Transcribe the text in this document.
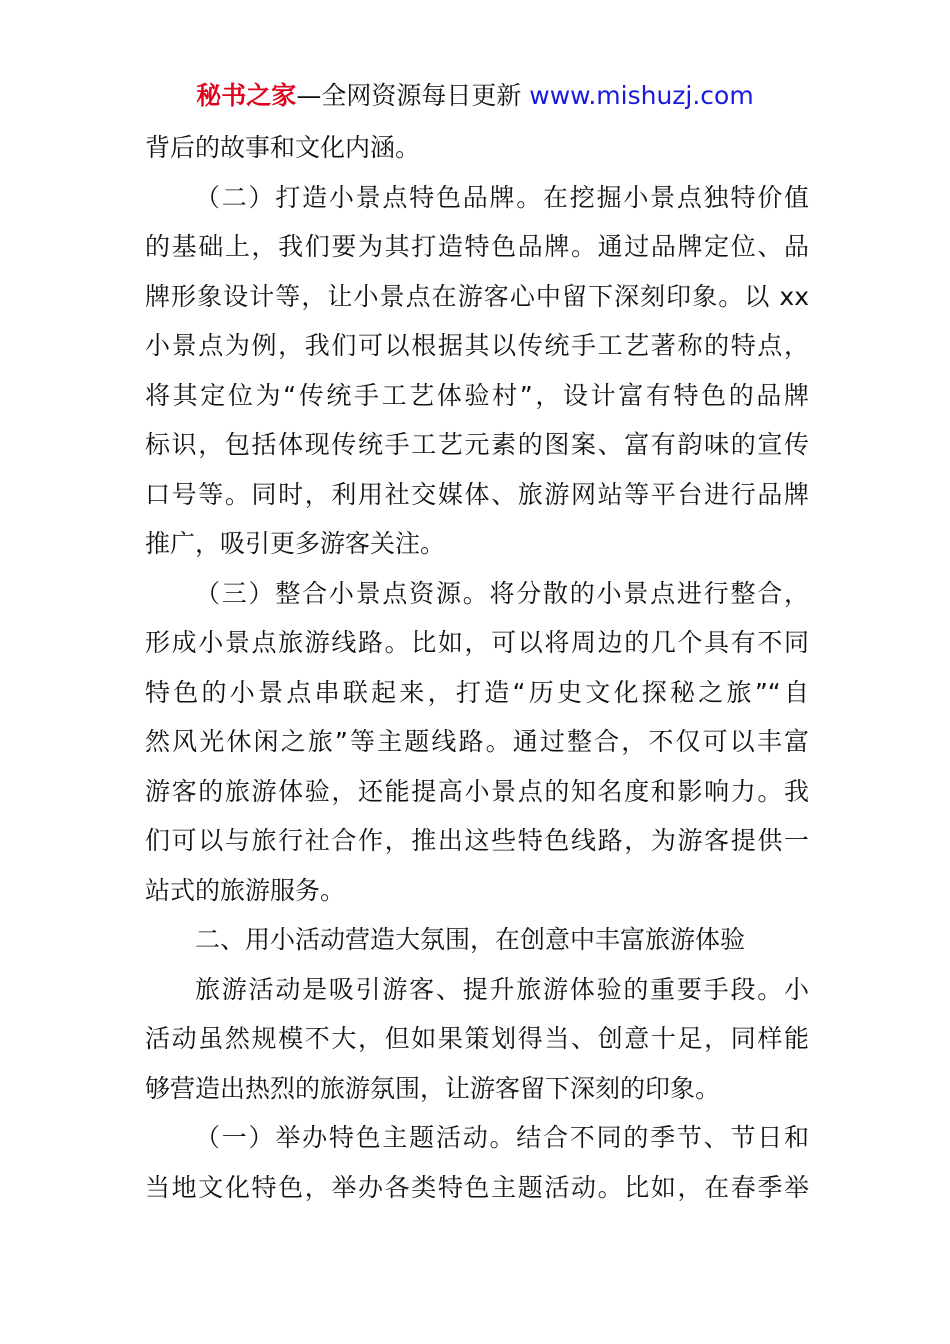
秘书之家—全网资源每日更新 www.mishuzj.com
背后的故事和文化内涵。
（二）打造小景点特色品牌。在挖掘小景点独特价值
的基础上，我们要为其打造特色品牌。通过品牌定位、品
牌形象设计等，让小景点在游客心中留下深刻印象。以 xx
小景点为例，我们可以根据其以传统手工艺著称的特点，
将其定位为“传统手工艺体验村”，设计富有特色的品牌
标识，包括体现传统手工艺元素的图案、富有韵味的宣传
口号等。同时，利用社交媒体、旅游网站等平台进行品牌
推广，吸引更多游客关注。
（三）整合小景点资源。将分散的小景点进行整合，
形成小景点旅游线路。比如，可以将周边的几个具有不同
特色的小景点串联起来，打造“历史文化探秘之旅”“自
然风光休闲之旅”等主题线路。通过整合，不仅可以丰富
游客的旅游体验，还能提高小景点的知名度和影响力。我
们可以与旅行社合作，推出这些特色线路，为游客提供一
站式的旅游服务。
二、用小活动营造大氛围，在创意中丰富旅游体验
旅游活动是吸引游客、提升旅游体验的重要手段。小
活动虽然规模不大，但如果策划得当、创意十足，同样能
够营造出热烈的旅游氛围，让游客留下深刻的印象。
（一）举办特色主题活动。结合不同的季节、节日和
当地文化特色，举办各类特色主题活动。比如，在春季举
